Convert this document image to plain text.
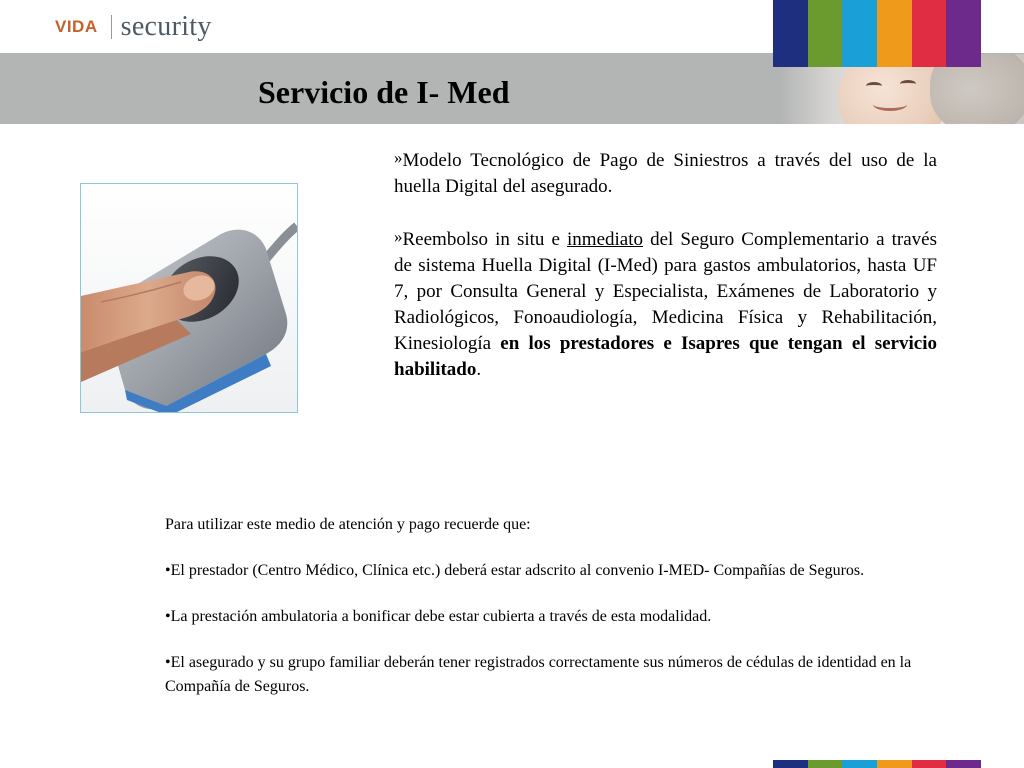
VIDA security
Servicio de I- Med
»Modelo Tecnológico de Pago de Siniestros a través del uso de la huella Digital del asegurado.
»Reembolso in situ e inmediato del Seguro Complementario a través de sistema Huella Digital (I-Med) para gastos ambulatorios, hasta UF 7, por Consulta General y Especialista, Exámenes de Laboratorio y Radiológicos, Fonoaudiología, Medicina Física y Rehabilitación, Kinesiología en los prestadores e Isapres que tengan el servicio habilitado.

Para utilizar este medio de atención y pago recuerde que:

•El prestador (Centro Médico, Clínica etc.) deberá estar adscrito al convenio I-MED- Compañías de Seguros.

•La prestación ambulatoria a bonificar debe estar cubierta a través de esta modalidad.

•El asegurado y su grupo familiar deberán tener registrados correctamente sus números de cédulas de identidad en la Compañía de Seguros.
